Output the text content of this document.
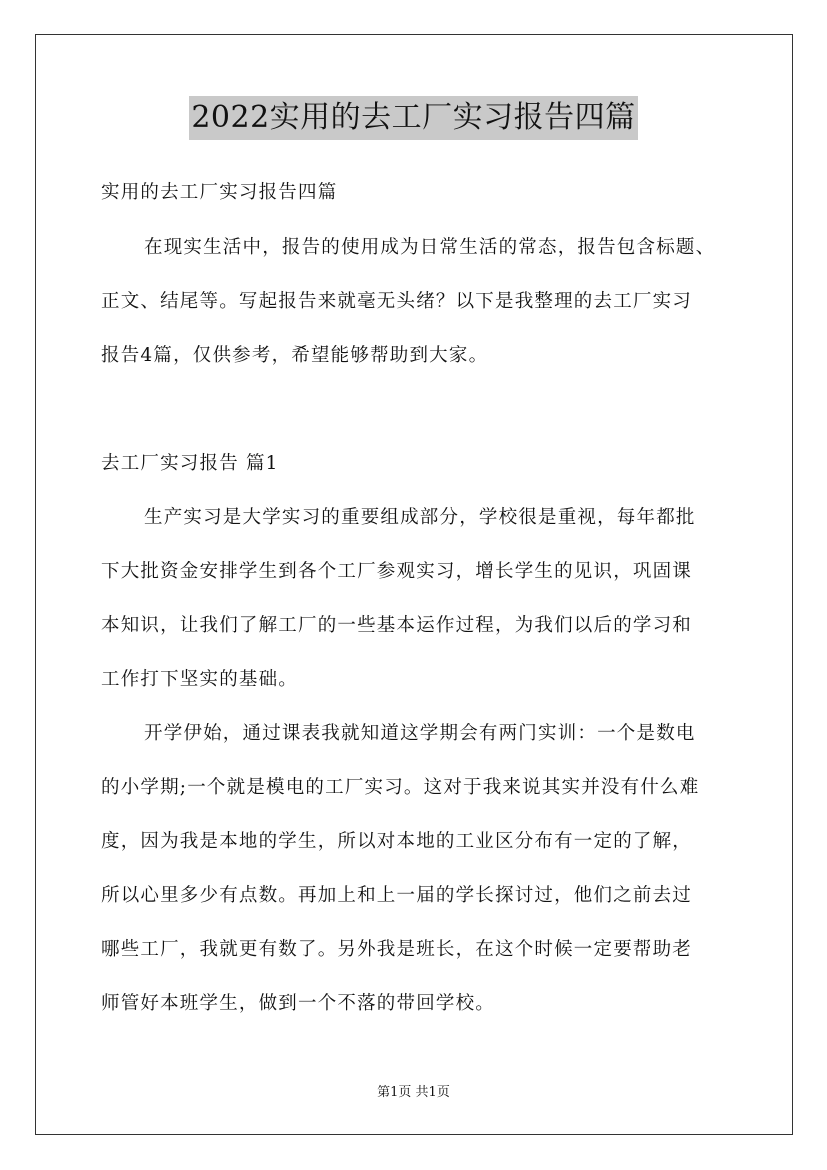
2022实用的去工厂实习报告四篇
实用的去工厂实习报告四篇
在现实生活中，报告的使用成为日常生活的常态，报告包含标题、
正文、结尾等。写起报告来就毫无头绪？以下是我整理的去工厂实习
报告4篇，仅供参考，希望能够帮助到大家。
去工厂实习报告 篇1
生产实习是大学实习的重要组成部分，学校很是重视，每年都批
下大批资金安排学生到各个工厂参观实习，增长学生的见识，巩固课
本知识，让我们了解工厂的一些基本运作过程，为我们以后的学习和
工作打下坚实的基础。
开学伊始，通过课表我就知道这学期会有两门实训：一个是数电
的小学期;一个就是模电的工厂实习。这对于我来说其实并没有什么难
度，因为我是本地的学生，所以对本地的工业区分布有一定的了解，
所以心里多少有点数。再加上和上一届的学长探讨过，他们之前去过
哪些工厂，我就更有数了。另外我是班长，在这个时候一定要帮助老
师管好本班学生，做到一个不落的带回学校。
第1页 共1页
